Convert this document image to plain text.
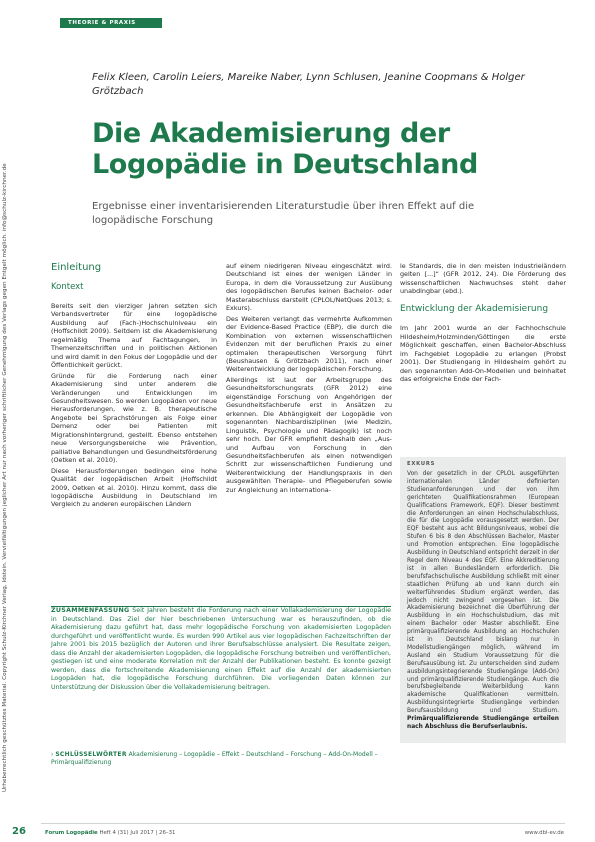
Urheberrechtlich geschütztes Material. Copyright Schulz-Kirchner Verlag, Idstein. Vervielfältigungen jeglicher Art nur nach vorheriger schriftlicher Genehmigung des Verlags gegen Entgelt möglich. info@schulz-kirchner.de
THEORIE & PRAXIS
Felix Kleen, Carolin Leiers, Mareike Naber, Lynn Schlusen, Jeanine Coopmans & Holger Grötzbach
Die Akademisierung der Logopädie in Deutschland
Ergebnisse einer inventarisierenden Literaturstudie über ihren Effekt auf die logopädische Forschung
Einleitung
Kontext

Bereits seit den vierziger Jahren setzten sich Verbandsvertreter für eine logopädische Ausbildung auf (Fach-)Hochschulniveau ein (Hoffschildt 2009). Seitdem ist die Akademisierung regelmäßig Thema auf Fachtagungen, in Themenzeitschriften und in politischen Aktionen und wird damit in den Fokus der Logopädie und der Öffentlichkeit gerückt.

Gründe für die Forderung nach einer Akademisierung sind unter anderem die Veränderungen und Entwicklungen im Gesundheitswesen. So werden Logopäden vor neue Herausforderungen, wie z. B. therapeutische Angebote bei Sprachstörungen als Folge einer Demenz oder bei Patienten mit Migrationshintergrund, gestellt. Ebenso entstehen neue Versorgungsbereiche wie Prävention, palliative Behandlungen und Gesundheitsförderung (Oetken et al. 2010).

Diese Herausforderungen bedingen eine hohe Qualität der logopädischen Arbeit (Hoffschildt 2009, Oetken et al. 2010). Hinzu kommt, dass die logopädische Ausbildung in Deutschland im Vergleich zu anderen europäischen Ländern

auf einem niedrigeren Niveau eingeschätzt wird. Deutschland ist eines der wenigen Länder in Europa, in dem die Voraussetzung zur Ausübung des logopädischen Berufes keinen Bachelor- oder Masterabschluss darstellt (CPLOL/NetQues 2013; s. Exkurs).

Des Weiteren verlangt das vermehrte Aufkommen der Evidence-Based Practice (EBP), die durch die Kombination von externen wissenschaftlichen Evidenzen mit der beruflichen Praxis zu einer optimalen therapeutischen Versorgung führt (Beushausen & Grötzbach 2011), nach einer Weiterentwicklung der logopädischen Forschung.

Allerdings ist laut der Arbeitsgruppe des Gesundheitsforschungsrats (GFR 2012) eine eigenständige Forschung von Angehörigen der Gesundheitsfachberufe erst in Ansätzen zu erkennen. Die Abhängigkeit der Logopädie von sogenannten Nachbardisziplinen (wie Medizin, Linguistik, Psychologie und Pädagogik) ist noch sehr hoch. Der GFR empfiehlt deshalb den „Aus- und Aufbau von Forschung in den Gesundheitsfachberufen als einen notwendigen Schritt zur wissenschaftlichen Fundierung und Weiterentwicklung der Handlungspraxis in den ausgewählten Therapie- und Pflegeberufen sowie zur Angleichung an internationa-

le Standards, die in den meisten Industrieländern gelten [...]“ (GFR 2012, 24). Die Förderung des wissenschaftlichen Nachwuchses steht daher unabdingbar (ebd.).

Entwicklung der Akademisierung

Im Jahr 2001 wurde an der Fachhochschule Hildesheim/Holzminden/Göttingen die erste Möglichkeit geschaffen, einen Bachelor-Abschluss im Fachgebiet Logopädie zu erlangen (Probst 2001). Der Studiengang in Hildesheim gehört zu den sogenannten Add-On-Modellen und beinhaltet das erfolgreiche Ende der Fach-

EXKURS
Von der gesetzlich in der CPLOL ausgeführten internationalen Länder definierten Studienanforderungen und der von ihm gerichteten Qualifikationsrahmen (European Qualifications Framework, EQF). Dieser bestimmt die Anforderungen an einen Hochschulabschluss, die für die Logopädie vorausgesetzt werden. Der EQF besteht aus acht Bildungsniveaus, wobei die Stufen 6 bis 8 den Abschlüssen Bachelor, Master und Promotion entsprechen. Eine logopädische Ausbildung in Deutschland entspricht derzeit in der Regel dem Niveau 4 des EQF. Eine Akkreditierung ist in allen Bundesländern erforderlich. Die berufsfachschulische Ausbildung schließt mit einer staatlichen Prüfung ab und kann durch ein weiterführendes Studium ergänzt werden, das jedoch nicht zwingend vorgesehen ist. Die Akademisierung bezeichnet die Überführung der Ausbildung in ein Hochschulstudium, das mit einem Bachelor oder Master abschließt. Eine primärqualifizierende Ausbildung an Hochschulen ist in Deutschland bislang nur in Modellstudiengängen möglich, während im Ausland ein Studium Voraussetzung für die Berufsausübung ist. Zu unterscheiden sind zudem ausbildungsintegrierende Studiengänge (Add-On) und primärqualifizierende Studiengänge. Auch die berufsbegleitende Weiterbildung kann akademische Qualifikationen vermitteln. Ausbildungsintegrierte Studiengänge verbinden Berufsausbildung und Studium. Primärqualifizierende Studiengänge erteilen nach Abschluss die Berufserlaubnis.
ZUSAMMENFASSUNG Seit Jahren besteht die Forderung nach einer Vollakademisierung der Logopädie in Deutschland. Das Ziel der hier beschriebenen Untersuchung war es herauszufinden, ob die Akademisierung dazu geführt hat, dass mehr logopädische Forschung von akademisierten Logopäden durchgeführt und veröffentlicht wurde. Es wurden 990 Artikel aus vier logopädischen Fachzeitschriften der Jahre 2001 bis 2015 bezüglich der Autoren und ihrer Berufsabschlüsse analysiert. Die Resultate zeigen, dass die Anzahl der akademisierten Logopäden, die logopädische Forschung betreiben und veröffentlichen, gestiegen ist und eine moderate Korrelation mit der Anzahl der Publikationen besteht. Es konnte gezeigt werden, dass die fortschreitende Akademisierung einen Effekt auf die Anzahl der akademisierten Logopäden hat, die logopädische Forschung durchführen. Die vorliegenden Daten können zur Unterstützung der Diskussion über die Vollakademisierung beitragen.
› SCHLÜSSELWÖRTER Akademisierung – Logopädie – Effekt – Deutschland – Forschung – Add-On-Modell – Primärqualifizierung
26	Forum Logopädie Heft 4 (31) Juli 2017 | 26–31	www.dbl-ev.de
